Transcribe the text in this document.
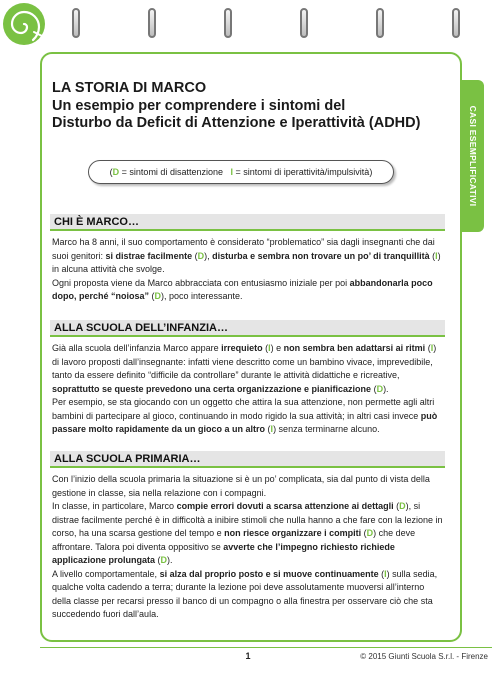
CASI ESEMPLIFICATIVI
LA STORIA DI MARCO
Un esempio per comprendere i sintomi del
Disturbo da Deficit di Attenzione e Iperattività (ADHD)
(D = sintomi di disattenzione I = sintomi di iperattività/impulsività)
CHI È MARCO…

Marco ha 8 anni, il suo comportamento è considerato “problematico” sia dagli insegnanti che dai suoi genitori: si distrae facilmente (D), disturba e sembra non trovare un po’ di tranquillità (I) in alcuna attività che svolge.

Ogni proposta viene da Marco abbracciata con entusiasmo iniziale per poi abbandonarla poco dopo, perché “noiosa” (D), poco interessante.

ALLA SCUOLA DELL’INFANZIA…

Già alla scuola dell’infanzia Marco appare irrequieto (I) e non sembra ben adattarsi ai ritmi (I) di lavoro proposti dall’insegnante: infatti viene descritto come un bambino vivace, imprevedibile, tanto da essere definito “difficile da controllare” durante le attività didattiche e ricreative, soprattutto se queste prevedono una certa organizzazione e pianificazione (D).

Per esempio, se sta giocando con un oggetto che attira la sua attenzione, non permette agli altri bambini di partecipare al gioco, continuando in modo rigido la sua attività; in altri casi invece può passare molto rapidamente da un gioco a un altro (I) senza terminarne alcuno.

ALLA SCUOLA PRIMARIA…

Con l’inizio della scuola primaria la situazione si è un po’ complicata, sia dal punto di vista della gestione in classe, sia nella relazione con i compagni.

In classe, in particolare, Marco compie errori dovuti a scarsa attenzione ai dettagli (D), si distrae facilmente perché è in difficoltà a inibire stimoli che nulla hanno a che fare con la lezione in corso, ha una scarsa gestione del tempo e non riesce organizzare i compiti (D) che deve affrontare. Talora poi diventa oppositivo se avverte che l’impegno richiesto richiede applicazione prolungata (D).

A livello comportamentale, si alza dal proprio posto e si muove continuamente (I) sulla sedia, qualche volta cadendo a terra; durante la lezione poi deve assolutamente muoversi all’interno della classe per recarsi presso il banco di un compagno o alla finestra per osservare ciò che sta succedendo fuori dall’aula.

1	© 2015 Giunti Scuola S.r.l. - Firenze
